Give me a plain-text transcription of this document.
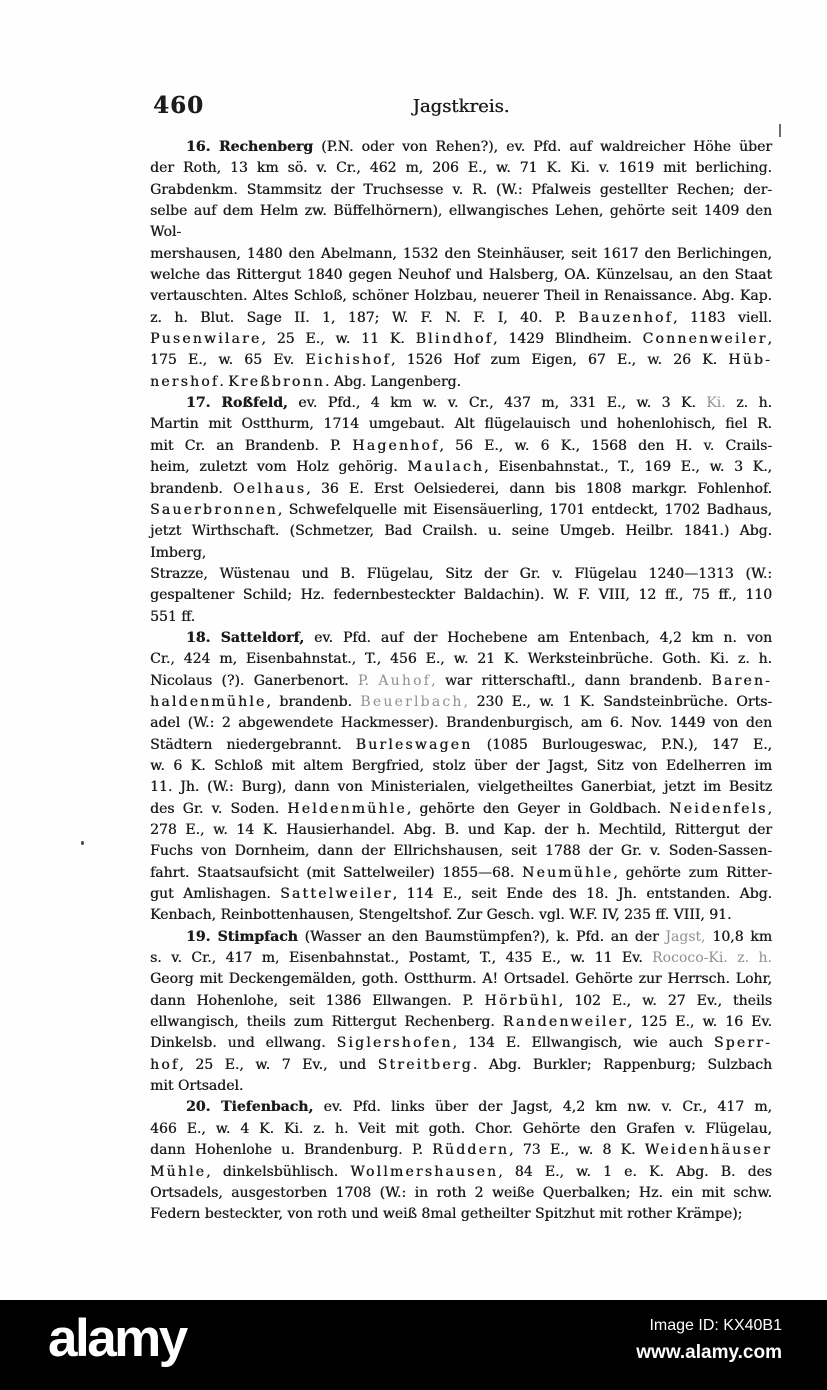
460	Jagstkreis.
16. Rechenberg (P.N. oder von Rehen?), ev. Pfd. auf waldreicher Höhe über
der Roth, 13 km sö. v. Cr., 462 m, 206 E., w. 71 K. Ki. v. 1619 mit berliching.
Grabdenkm. Stammsitz der Truchsesse v. R. (W.: Pfalweis gestellter Rechen; der-
selbe auf dem Helm zw. Büffelhörnern), ellwangisches Lehen, gehörte seit 1409 den Wol-
mershausen, 1480 den Abelmann, 1532 den Steinhäuser, seit 1617 den Berlichingen,
welche das Rittergut 1840 gegen Neuhof und Halsberg, OA. Künzelsau, an den Staat
vertauschten. Altes Schloß, schöner Holzbau, neuerer Theil in Renaissance. Abg. Kap.
z. h. Blut. Sage II. 1, 187; W. F. N. F. I, 40. P. Bauzenhof, 1183 viell.
Pusenwilare, 25 E., w. 11 K. Blindhof, 1429 Blindheim. Connenweiler,
175 E., w. 65 Ev. Eichishof, 1526 Hof zum Eigen, 67 E., w. 26 K. Hüb-
nershof. Kreßbronn. Abg. Langenberg.
17. Roßfeld, ev. Pfd., 4 km w. v. Cr., 437 m, 331 E., w. 3 K. Ki. z. h.
Martin mit Ostthurm, 1714 umgebaut. Alt flügelauisch und hohenlohisch, fiel R.
mit Cr. an Brandenb. P. Hagenhof, 56 E., w. 6 K., 1568 den H. v. Crails-
heim, zuletzt vom Holz gehörig. Maulach, Eisenbahnstat., T., 169 E., w. 3 K.,
brandenb. Oelhaus, 36 E. Erst Oelsiederei, dann bis 1808 markgr. Fohlenhof.
Sauerbronnen, Schwefelquelle mit Eisensäuerling, 1701 entdeckt, 1702 Badhaus,
jetzt Wirthschaft. (Schmetzer, Bad Crailsh. u. seine Umgeb. Heilbr. 1841.) Abg. Imberg,
Strazze, Wüstenau und B. Flügelau, Sitz der Gr. v. Flügelau 1240—1313 (W.:
gespaltener Schild; Hz. federnbesteckter Baldachin). W. F. VIII, 12 ff., 75 ff., 110
551 ff.
18. Satteldorf, ev. Pfd. auf der Hochebene am Entenbach, 4,2 km n. von
Cr., 424 m, Eisenbahnstat., T., 456 E., w. 21 K. Werksteinbrüche. Goth. Ki. z. h.
Nicolaus (?). Ganerbenort. P. Auhof, war ritterschaftl., dann brandenb. Baren-
haldenmühle, brandenb. Beuerlbach, 230 E., w. 1 K. Sandsteinbrüche. Orts-
adel (W.: 2 abgewendete Hackmesser). Brandenburgisch, am 6. Nov. 1449 von den
Städtern niedergebrannt. Burleswagen (1085 Burlougeswac, P.N.), 147 E.,
w. 6 K. Schloß mit altem Bergfried, stolz über der Jagst, Sitz von Edelherren im
11. Jh. (W.: Burg), dann von Ministerialen, vielgetheiltes Ganerbiat, jetzt im Besitz
des Gr. v. Soden. Heldenmühle, gehörte den Geyer in Goldbach. Neidenfels,
278 E., w. 14 K. Hausierhandel. Abg. B. und Kap. der h. Mechtild, Rittergut der
Fuchs von Dornheim, dann der Ellrichshausen, seit 1788 der Gr. v. Soden-Sassen-
fahrt. Staatsaufsicht (mit Sattelweiler) 1855—68. Neumühle, gehörte zum Ritter-
gut Amlishagen. Sattelweiler, 114 E., seit Ende des 18. Jh. entstanden. Abg.
Kenbach, Reinbottenhausen, Stengeltshof. Zur Gesch. vgl. W.F. IV, 235 ff. VIII, 91.
19. Stimpfach (Wasser an den Baumstümpfen?), k. Pfd. an der Jagst, 10,8 km
s. v. Cr., 417 m, Eisenbahnstat., Postamt, T., 435 E., w. 11 Ev. Rococo-Ki. z. h.
Georg mit Deckengemälden, goth. Ostthurm. A! Ortsadel. Gehörte zur Herrsch. Lohr,
dann Hohenlohe, seit 1386 Ellwangen. P. Hörbühl, 102 E., w. 27 Ev., theils
ellwangisch, theils zum Rittergut Rechenberg. Randenweiler, 125 E., w. 16 Ev.
Dinkelsb. und ellwang. Siglershofen, 134 E. Ellwangisch, wie auch Sperr-
hof, 25 E., w. 7 Ev., und Streitberg. Abg. Burkler; Rappenburg; Sulzbach
mit Ortsadel.
20. Tiefenbach, ev. Pfd. links über der Jagst, 4,2 km nw. v. Cr., 417 m,
466 E., w. 4 K. Ki. z. h. Veit mit goth. Chor. Gehörte den Grafen v. Flügelau,
dann Hohenlohe u. Brandenburg. P. Rüddern, 73 E., w. 8 K. Weidenhäuser
Mühle, dinkelsbühlisch. Wollmershausen, 84 E., w. 1 e. K. Abg. B. des
Ortsadels, ausgestorben 1708 (W.: in roth 2 weiße Querbalken; Hz. ein mit schw.
Federn besteckter, von roth und weiß 8mal getheilter Spitzhut mit rother Krämpe);
alamy	Image ID: KX40B1
www.alamy.com
